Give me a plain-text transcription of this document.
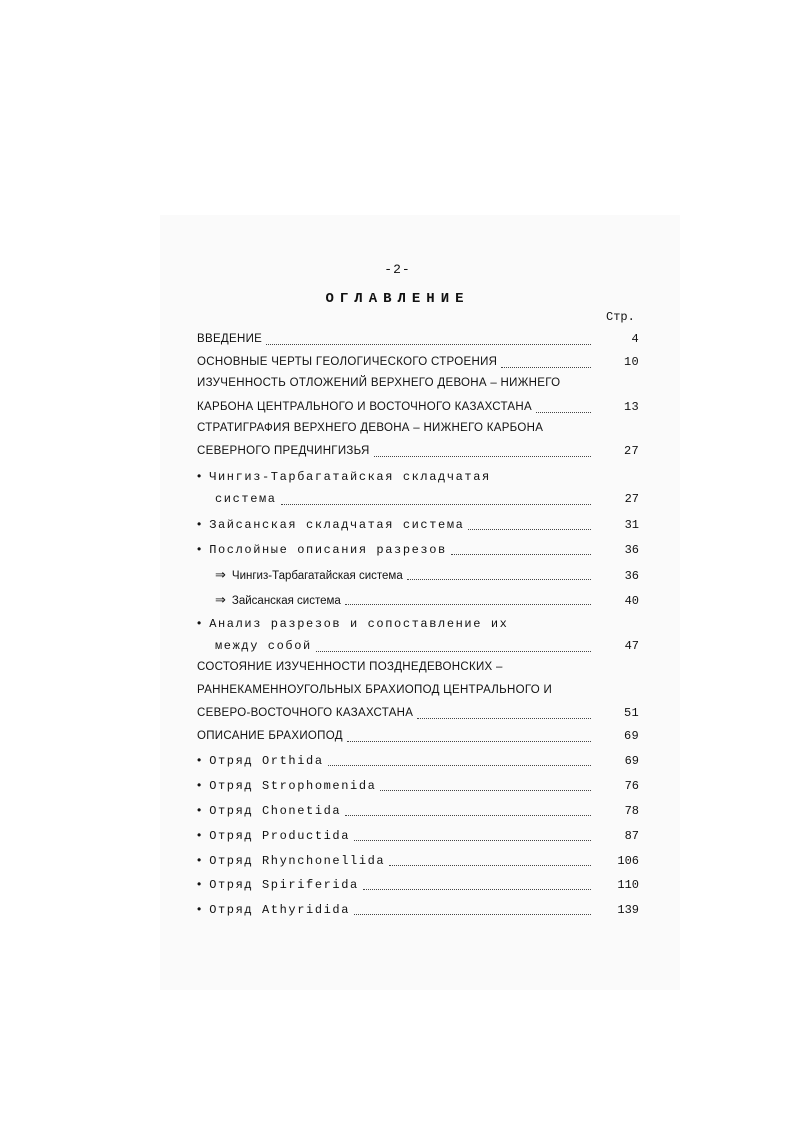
-2-
ОГЛАВЛЕНИЕ
Стр.
ВВЕДЕНИЕ	4
ОСНОВНЫЕ ЧЕРТЫ ГЕОЛОГИЧЕСКОГО СТРОЕНИЯ	10
ИЗУЧЕННОСТЬ ОТЛОЖЕНИЙ ВЕРХНЕГО ДЕВОНА – НИЖНЕГО
КАРБОНА ЦЕНТРАЛЬНОГО И ВОСТОЧНОГО КАЗАХСТАНА	13
СТРАТИГРАФИЯ ВЕРХНЕГО ДЕВОНА – НИЖНЕГО КАРБОНА
СЕВЕРНОГО ПРЕДЧИНГИЗЬЯ	27
• Чингиз-Тарбагатайская складчатая
система	27
• Зайсанская складчатая система	31
• Послойные описания разрезов	36
⇒ Чингиз-Тарбагатайская система	36
⇒ Зайсанская система	40
• Анализ разрезов и сопоставление их
между собой	47
СОСТОЯНИЕ ИЗУЧЕННОСТИ ПОЗДНЕДЕВОНСКИХ –
РАННЕКАМЕННОУГОЛЬНЫХ БРАХИОПОД ЦЕНТРАЛЬНОГО И
СЕВЕРО-ВОСТОЧНОГО КАЗАХСТАНА	51
ОПИСАНИЕ БРАХИОПОД	69
• Отряд Orthida	69
• Отряд Strophomenida	76
• Отряд Chonetida	78
• Отряд Productida	87
• Отряд Rhynchonellida	106
• Отряд Spiriferida	110
• Отряд Athyridida	139
